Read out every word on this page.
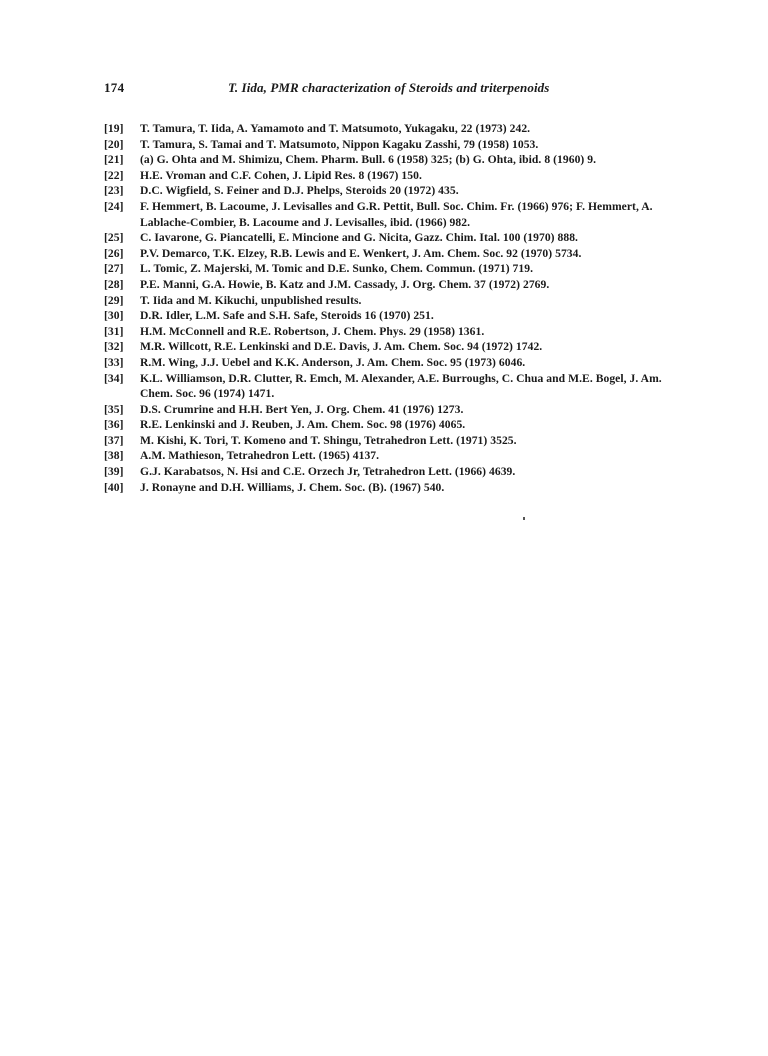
174	T. Iida, PMR characterization of Steroids and triterpenoids
[19]	T. Tamura, T. Iida, A. Yamamoto and T. Matsumoto, Yukagaku, 22 (1973) 242.
[20]	T. Tamura, S. Tamai and T. Matsumoto, Nippon Kagaku Zasshi, 79 (1958) 1053.
[21]	(a) G. Ohta and M. Shimizu, Chem. Pharm. Bull. 6 (1958) 325; (b) G. Ohta, ibid. 8 (1960) 9.
[22]	H.E. Vroman and C.F. Cohen, J. Lipid Res. 8 (1967) 150.
[23]	D.C. Wigfield, S. Feiner and D.J. Phelps, Steroids 20 (1972) 435.
[24]	F. Hemmert, B. Lacoume, J. Levisalles and G.R. Pettit, Bull. Soc. Chim. Fr. (1966) 976; F. Hemmert, A. Lablache-Combier, B. Lacoume and J. Levisalles, ibid. (1966) 982.
[25]	C. Iavarone, G. Piancatelli, E. Mincione and G. Nicita, Gazz. Chim. Ital. 100 (1970) 888.
[26]	P.V. Demarco, T.K. Elzey, R.B. Lewis and E. Wenkert, J. Am. Chem. Soc. 92 (1970) 5734.
[27]	L. Tomic, Z. Majerski, M. Tomic and D.E. Sunko, Chem. Commun. (1971) 719.
[28]	P.E. Manni, G.A. Howie, B. Katz and J.M. Cassady, J. Org. Chem. 37 (1972) 2769.
[29]	T. Iida and M. Kikuchi, unpublished results.
[30]	D.R. Idler, L.M. Safe and S.H. Safe, Steroids 16 (1970) 251.
[31]	H.M. McConnell and R.E. Robertson, J. Chem. Phys. 29 (1958) 1361.
[32]	M.R. Willcott, R.E. Lenkinski and D.E. Davis, J. Am. Chem. Soc. 94 (1972) 1742.
[33]	R.M. Wing, J.J. Uebel and K.K. Anderson, J. Am. Chem. Soc. 95 (1973) 6046.
[34]	K.L. Williamson, D.R. Clutter, R. Emch, M. Alexander, A.E. Burroughs, C. Chua and M.E. Bogel, J. Am. Chem. Soc. 96 (1974) 1471.
[35]	D.S. Crumrine and H.H. Bert Yen, J. Org. Chem. 41 (1976) 1273.
[36]	R.E. Lenkinski and J. Reuben, J. Am. Chem. Soc. 98 (1976) 4065.
[37]	M. Kishi, K. Tori, T. Komeno and T. Shingu, Tetrahedron Lett. (1971) 3525.
[38]	A.M. Mathieson, Tetrahedron Lett. (1965) 4137.
[39]	G.J. Karabatsos, N. Hsi and C.E. Orzech Jr, Tetrahedron Lett. (1966) 4639.
[40]	J. Ronayne and D.H. Williams, J. Chem. Soc. (B). (1967) 540.
